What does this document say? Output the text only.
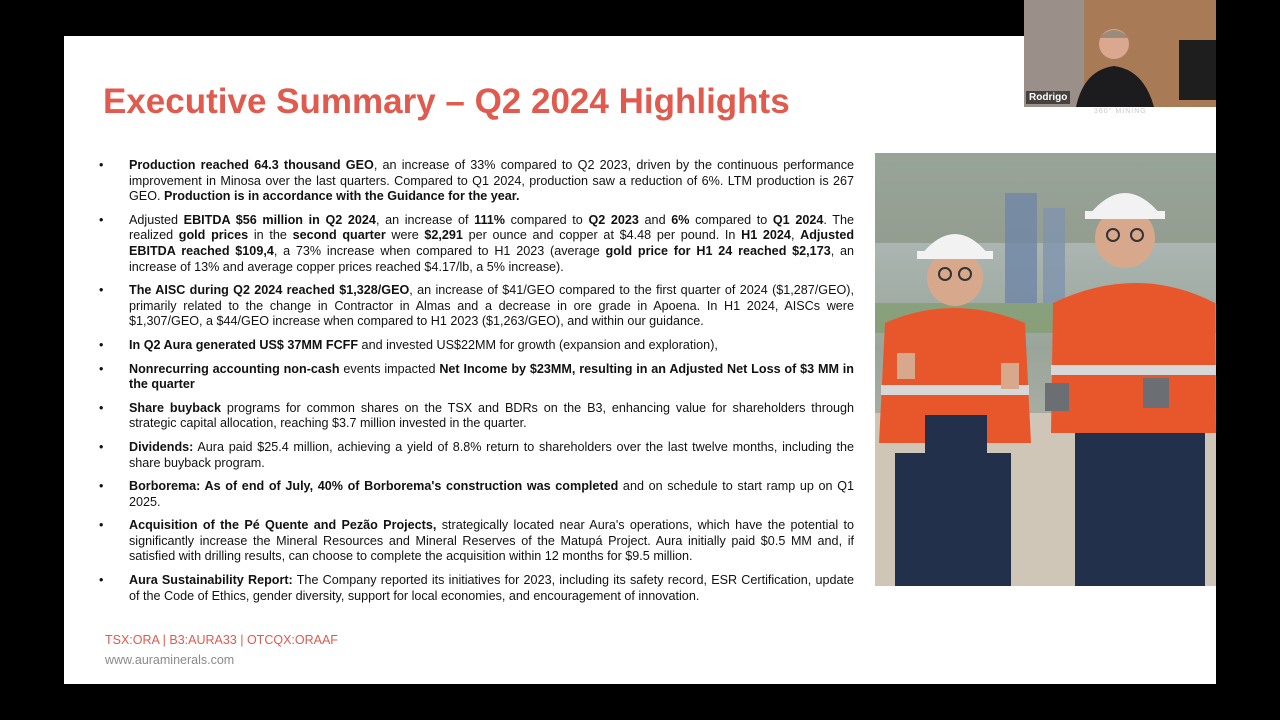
Executive Summary – Q2 2024 Highlights
• Production reached 64.3 thousand GEO, an increase of 33% compared to Q2 2023, driven by the continuous performance improvement in Minosa over the last quarters. Compared to Q1 2024, production saw a reduction of 6%. LTM production is 267 GEO. Production is in accordance with the Guidance for the year.
• Adjusted EBITDA $56 million in Q2 2024, an increase of 111% compared to Q2 2023 and 6% compared to Q1 2024. The realized gold prices in the second quarter were $2,291 per ounce and copper at $4.48 per pound. In H1 2024, Adjusted EBITDA reached $109,4, a 73% increase when compared to H1 2023 (average gold price for H1 24 reached $2,173, an increase of 13% and average copper prices reached $4.17/lb, a 5% increase).
• The AISC during Q2 2024 reached $1,328/GEO, an increase of $41/GEO compared to the first quarter of 2024 ($1,287/GEO), primarily related to the change in Contractor in Almas and a decrease in ore grade in Apoena. In H1 2024, AISCs were $1,307/GEO, a $44/GEO increase when compared to H1 2023 ($1,263/GEO), and within our guidance.
• In Q2 Aura generated US$ 37MM FCFF and invested US$22MM for growth (expansion and exploration),
• Nonrecurring accounting non-cash events impacted Net Income by $23MM, resulting in an Adjusted Net Loss of $3 MM in the quarter
• Share buyback programs for common shares on the TSX and BDRs on the B3, enhancing value for shareholders through strategic capital allocation, reaching $3.7 million invested in the quarter.
• Dividends: Aura paid $25.4 million, achieving a yield of 8.8% return to shareholders over the last twelve months, including the share buyback program.
• Borborema: As of end of July, 40% of Borborema's construction was completed and on schedule to start ramp up on Q1 2025.
• Acquisition of the Pé Quente and Pezão Projects, strategically located near Aura's operations, which have the potential to significantly increase the Mineral Resources and Mineral Reserves of the Matupá Project. Aura initially paid $0.5 MM and, if satisfied with drilling results, can choose to complete the acquisition within 12 months for $9.5 million.
• Aura Sustainability Report: The Company reported its initiatives for 2023, including its safety record, ESR Certification, update of the Code of Ethics, gender diversity, support for local economies, and encouragement of innovation.
360° MINING
TSX:ORA | B3:AURA33 | OTCQX:ORAAF
www.auraminerals.com
Rodrigo
